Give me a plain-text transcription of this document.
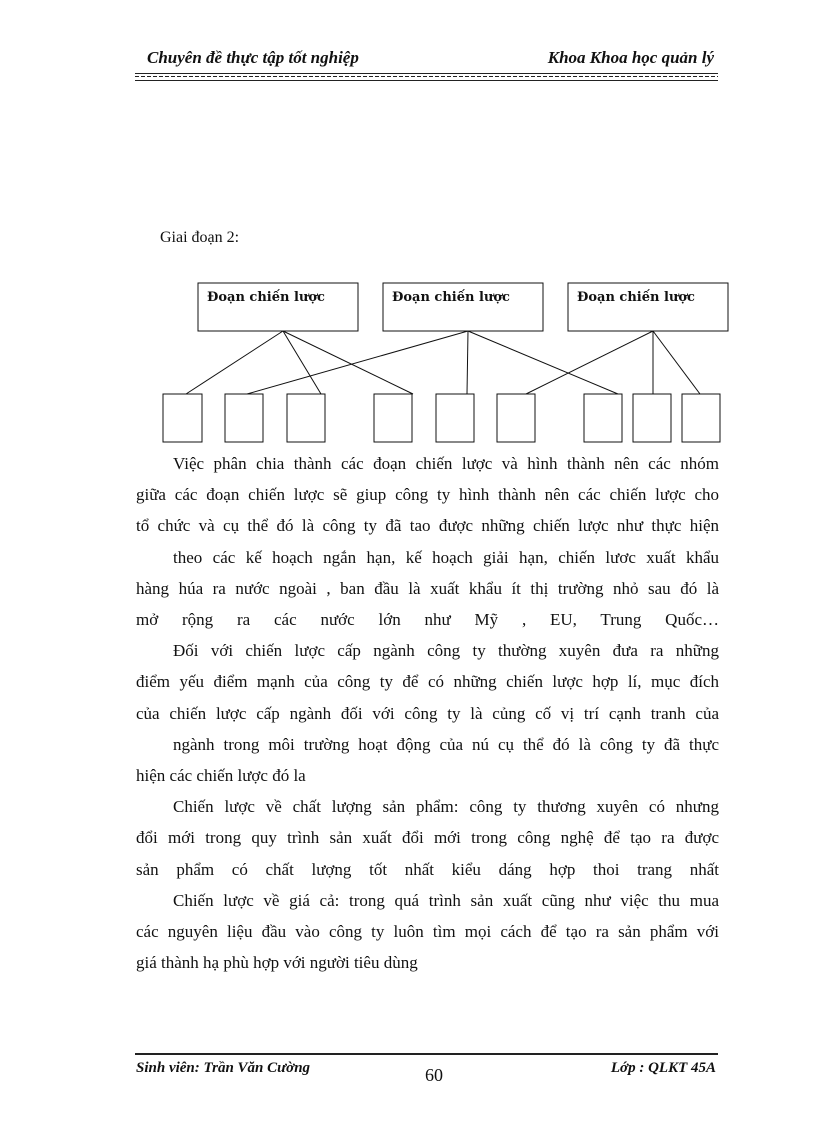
Chuyên đề thực tập tốt nghiệp	Khoa Khoa học quản lý
Giai đoạn 2:
Đoạn chiến lược	Đoạn chiến lược	Đoạn chiến lược

Việc phân chia thành các đoạn chiến lược và hình thành nên các nhóm

giữa các đoạn chiến lược sẽ giup công ty hình thành nên các chiến lược cho

tổ chức và cụ thể đó là công ty đã tao được những chiến lược như thực hiện

theo các kế hoạch ngắn hạn, kế hoạch giải hạn, chiến lươc xuất khẩu

hàng húa ra nước ngoài , ban đầu là xuất khẩu ít thị trường nhỏ sau đó là

mở rộng ra các nước lớn như Mỹ , EU, Trung Quốc…

Đối với chiến lược cấp ngành công ty thường xuyên đưa ra những

điểm yếu điểm mạnh của công ty để có những chiến lược hợp lí, mục đích

của chiến lược cấp ngành đối với công ty là củng cố vị trí cạnh tranh của

ngành trong môi trường hoạt động của nú cụ thể đó là công ty đã thực

hiện các chiến lược đó la

Chiến lược về chất lượng sản phẩm: công ty thương xuyên có nhưng

đổi mới trong quy trình sản xuất đổi mới trong công nghệ để tạo ra được

sản phẩm có chất lượng tốt nhất kiểu dáng hợp thoi trang nhất

Chiến lược về giá cả: trong quá trình sản xuất cũng như việc thu mua

các nguyên liệu đầu vào công ty luôn tìm mọi cách để tạo ra sản phẩm với

giá thành hạ phù hợp với người tiêu dùng

Sinh viên: Trần Văn Cường	60	Lớp : QLKT 45A
